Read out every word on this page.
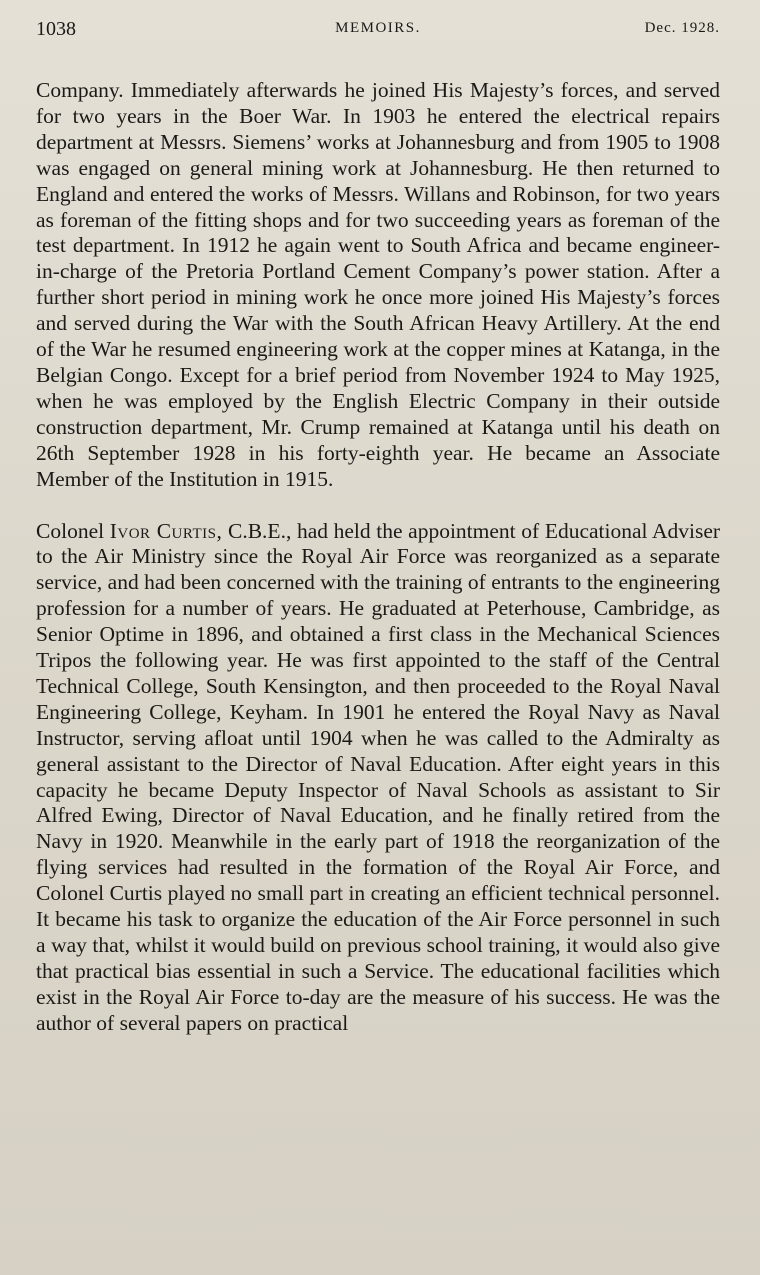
1038	MEMOIRS.	Dec. 1928.

Company. Immediately afterwards he joined His Majesty’s forces, and served for two years in the Boer War. In 1903 he entered the electrical repairs department at Messrs. Siemens’ works at Johannesburg and from 1905 to 1908 was engaged on general mining work at Johannesburg. He then returned to England and entered the works of Messrs. Willans and Robinson, for two years as foreman of the fitting shops and for two succeeding years as foreman of the test department. In 1912 he again went to South Africa and became engineer-in-charge of the Pretoria Portland Cement Company’s power station. After a further short period in mining work he once more joined His Majesty’s forces and served during the War with the South African Heavy Artillery. At the end of the War he resumed engineering work at the copper mines at Katanga, in the Belgian Congo. Except for a brief period from November 1924 to May 1925, when he was employed by the English Electric Company in their outside construction department, Mr. Crump remained at Katanga until his death on 26th September 1928 in his forty-eighth year. He became an Associate Member of the Institution in 1915.

Colonel Ivor Curtis, C.B.E., had held the appointment of Educational Adviser to the Air Ministry since the Royal Air Force was reorganized as a separate service, and had been concerned with the training of entrants to the engineering profession for a number of years. He graduated at Peterhouse, Cambridge, as Senior Optime in 1896, and obtained a first class in the Mechanical Sciences Tripos the following year. He was first appointed to the staff of the Central Technical College, South Kensington, and then proceeded to the Royal Naval Engineering College, Keyham. In 1901 he entered the Royal Navy as Naval Instructor, serving afloat until 1904 when he was called to the Admiralty as general assistant to the Director of Naval Education. After eight years in this capacity he became Deputy Inspector of Naval Schools as assistant to Sir Alfred Ewing, Director of Naval Education, and he finally retired from the Navy in 1920. Meanwhile in the early part of 1918 the reorganization of the flying services had resulted in the formation of the Royal Air Force, and Colonel Curtis played no small part in creating an efficient technical personnel. It became his task to organize the education of the Air Force personnel in such a way that, whilst it would build on previous school training, it would also give that practical bias essential in such a Service. The educational facilities which exist in the Royal Air Force to-day are the measure of his success. He was the author of several papers on practical
